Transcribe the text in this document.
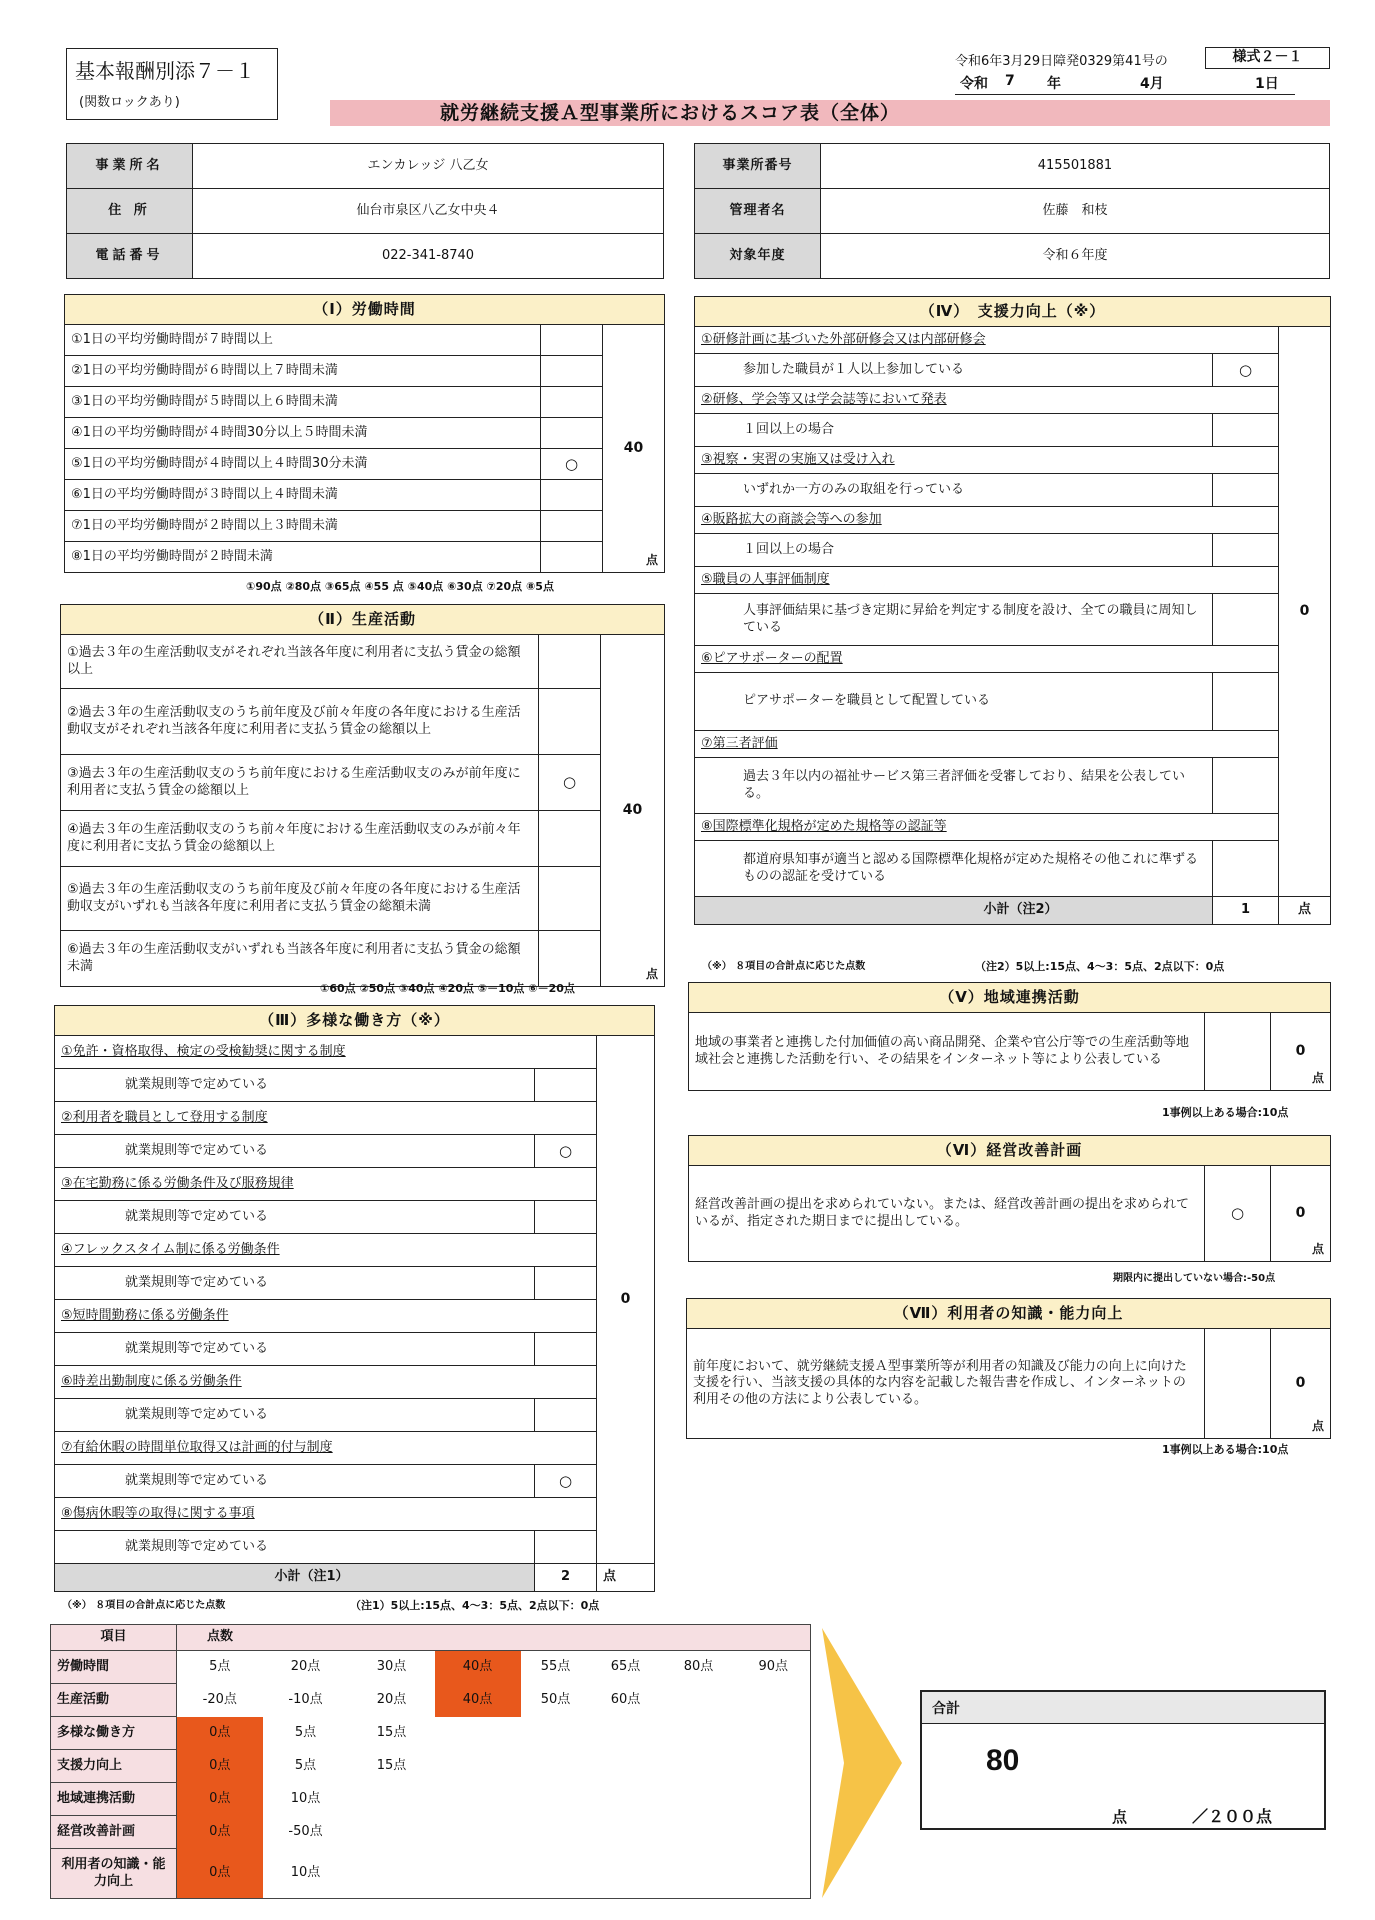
基本報酬別添７－１
(関数ロックあり)
令和6年3月29日障発0329第41号の	様式２－１
令和 7 年	4月	1日
就労継続支援Ａ型事業所におけるスコア表（全体）
事業所名	エンカレッジ 八乙女
住 所	仙台市泉区八乙女中央４
電話番号	022-341-8740
事業所番号	415501881
管理者名	佐藤　和枝
対象年度	令和６年度
（Ⅰ）労働時間		
①1日の平均労働時間が７時間以上		40
点

②1日の平均労働時間が６時間以上７時間未満		
③1日の平均労働時間が５時間以上６時間未満		
④1日の平均労働時間が４時間30分以上５時間未満		
⑤1日の平均労働時間が４時間以上４時間30分未満	○	
⑥1日の平均労働時間が３時間以上４時間未満		
⑦1日の平均労働時間が２時間以上３時間未満		
⑧1日の平均労働時間が２時間未満		
①90点 ②80点 ③65点 ④55 点 ⑤40点 ⑥30点 ⑦20点 ⑧5点
（Ⅱ）生産活動		
①過去３年の生産活動収支がそれぞれ当該各年度に利用者に支払う賃金の総額以上		40
点

②過去３年の生産活動収支のうち前年度及び前々年度の各年度における生産活動収支がそれぞれ当該各年度に利用者に支払う賃金の総額以上		
③過去３年の生産活動収支のうち前年度における生産活動収支のみが前年度に利用者に支払う賃金の総額以上	○	
④過去３年の生産活動収支のうち前々年度における生産活動収支のみが前々年度に利用者に支払う賃金の総額以上		
⑤過去３年の生産活動収支のうち前年度及び前々年度の各年度における生産活動収支がいずれも当該各年度に利用者に支払う賃金の総額未満		
⑥過去３年の生産活動収支がいずれも当該各年度に利用者に支払う賃金の総額未満		
①60点 ②50点 ③40点 ④20点 ⑤－10点 ⑥－20点
（Ⅲ）多様な働き方（※）		
①免許・資格取得、検定の受検勧奨に関する制度		0
就業規則等で定めている		
②利用者を職員として登用する制度		
就業規則等で定めている	○	
③在宅勤務に係る労働条件及び服務規律		
就業規則等で定めている		
④フレックスタイム制に係る労働条件		
就業規則等で定めている		
⑤短時間勤務に係る労働条件		
就業規則等で定めている		
⑥時差出勤制度に係る労働条件		
就業規則等で定めている		
⑦有給休暇の時間単位取得又は計画的付与制度		
就業規則等で定めている	○	
⑧傷病休暇等の取得に関する事項		
就業規則等で定めている		
小計（注1）	2	点
（※） ８項目の合計点に応じた点数	（注1）5以上:15点、4～3：5点、2点以下：0点
（Ⅳ）　支援力向上（※）		
①研修計画に基づいた外部研修会又は内部研修会		0
参加した職員が１人以上参加している	○	
②研修、学会等又は学会誌等において発表		
１回以上の場合		
③視察・実習の実施又は受け入れ		
いずれか一方のみの取組を行っている		
④販路拡大の商談会等への参加		
１回以上の場合		
⑤職員の人事評価制度		
人事評価結果に基づき定期に昇給を判定する制度を設け、全ての職員に周知している		
⑥ピアサポーターの配置		
ピアサポーターを職員として配置している		
⑦第三者評価		
過去３年以内の福祉サービス第三者評価を受審しており、結果を公表している。		
⑧国際標準化規格が定めた規格等の認証等		
都道府県知事が適当と認める国際標準化規格が定めた規格その他これに準ずるものの認証を受けている		
小計（注2）	1	点
（※） ８項目の合計点に応じた点数	（注2）5以上:15点、4～3：5点、2点以下：0点
（Ⅴ）地域連携活動
地域の事業者と連携した付加価値の高い商品開発、企業や官公庁等での生産活動等地域社会と連携した活動を行い、その結果をインターネット等により公表している		0
点
1事例以上ある場合:10点
（Ⅵ）経営改善計画
経営改善計画の提出を求められていない。または、経営改善計画の提出を求められているが、指定された期日までに提出している。	○	0
点
期限内に提出していない場合:-50点
（Ⅶ）利用者の知識・能力向上
前年度において、就労継続支援Ａ型事業所等が利用者の知識及び能力の向上に向けた支援を行い、当該支援の具体的な内容を記載した報告書を作成し、インターネットの利用その他の方法により公表している。		0
点
1事例以上ある場合:10点
項目	点数
労働時間	5点	20点	30点	40点	55点	65点	80点	90点
生産活動	-20点	-10点	20点	40点	50点	60点		
多様な働き方	0点	5点	15点					
支援力向上	0点	5点	15点					
地域連携活動	0点	10点						
経営改善計画	0点	-50点						
利用者の知識・能力向上	0点	10点						
合計
80
点	／２００点
